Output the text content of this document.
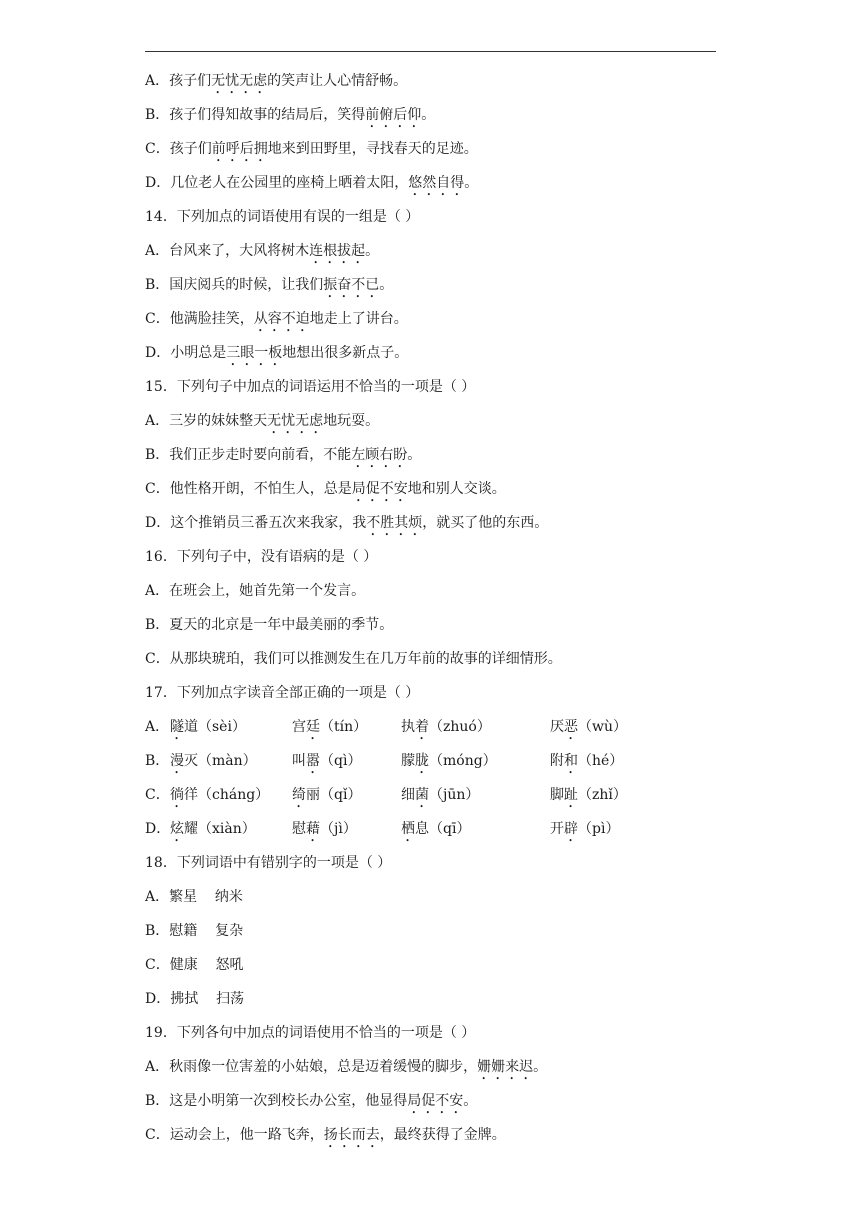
A．孩子们无忧无虑的笑声让人心情舒畅。
B．孩子们得知故事的结局后，笑得前俯后仰。
C．孩子们前呼后拥地来到田野里，寻找春天的足迹。
D．几位老人在公园里的座椅上晒着太阳，悠然自得。
14．下列加点的词语使用有误的一组是（ ）
A．台风来了，大风将树木连根拔起。
B．国庆阅兵的时候，让我们振奋不已。
C．他满脸挂笑，从容不迫地走上了讲台。
D．小明总是三眼一板地想出很多新点子。
15．下列句子中加点的词语运用不恰当的一项是（ ）
A．三岁的妹妹整天无忧无虑地玩耍。
B．我们正步走时要向前看，不能左顾右盼。
C．他性格开朗，不怕生人，总是局促不安地和别人交谈。
D．这个推销员三番五次来我家，我不胜其烦，就买了他的东西。
16．下列句子中，没有语病的是（ ）
A．在班会上，她首先第一个发言。
B．夏天的北京是一年中最美丽的季节。
C．从那块琥珀，我们可以推测发生在几万年前的故事的详细情形。
17．下列加点字读音全部正确的一项是（ ）
A． 隧道（sèi）	宫廷（tín）	执着（zhuó）	厌恶（wù）
B． 漫灭（màn）	叫嚣（qì）	朦胧（móng）	附和（hé）
C． 徜徉（cháng）	绮丽（qǐ）	细菌（jūn）	脚趾（zhǐ）
D． 炫耀（xiàn）	慰藉（jì）	栖息（qī）	开辟（pì）
18．下列词语中有错别字的一项是（ ）
A．繁星    纳米
B．慰籍    复杂
C．健康    怒吼
D．拂拭    扫荡
19．下列各句中加点的词语使用不恰当的一项是（ ）
A．秋雨像一位害羞的小姑娘，总是迈着缓慢的脚步，姗姗来迟。
B．这是小明第一次到校长办公室，他显得局促不安。
C．运动会上，他一路飞奔，扬长而去，最终获得了金牌。
